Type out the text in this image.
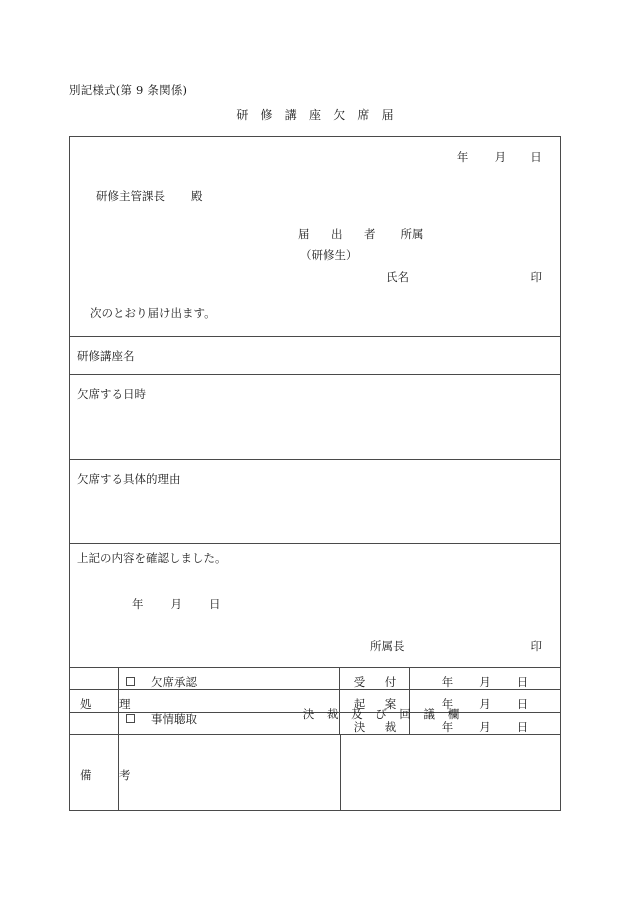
別記様式(第 9 条関係)
研 修 講 座 欠 席 届
年 月 日
研修主管課長 殿
届　出　者 所属
（研修生）
氏名	印
次のとおり届け出ます。
研修講座名
欠席する日時
欠席する具体的理由
上記の内容を確認しました。
年 月 日
所属長	印
処　理
欠席承認
事情聴取
受　付
起　案
決　裁
年 月 日
年 月 日
年 月 日
備　考
決 裁 及 び 回 議 欄
